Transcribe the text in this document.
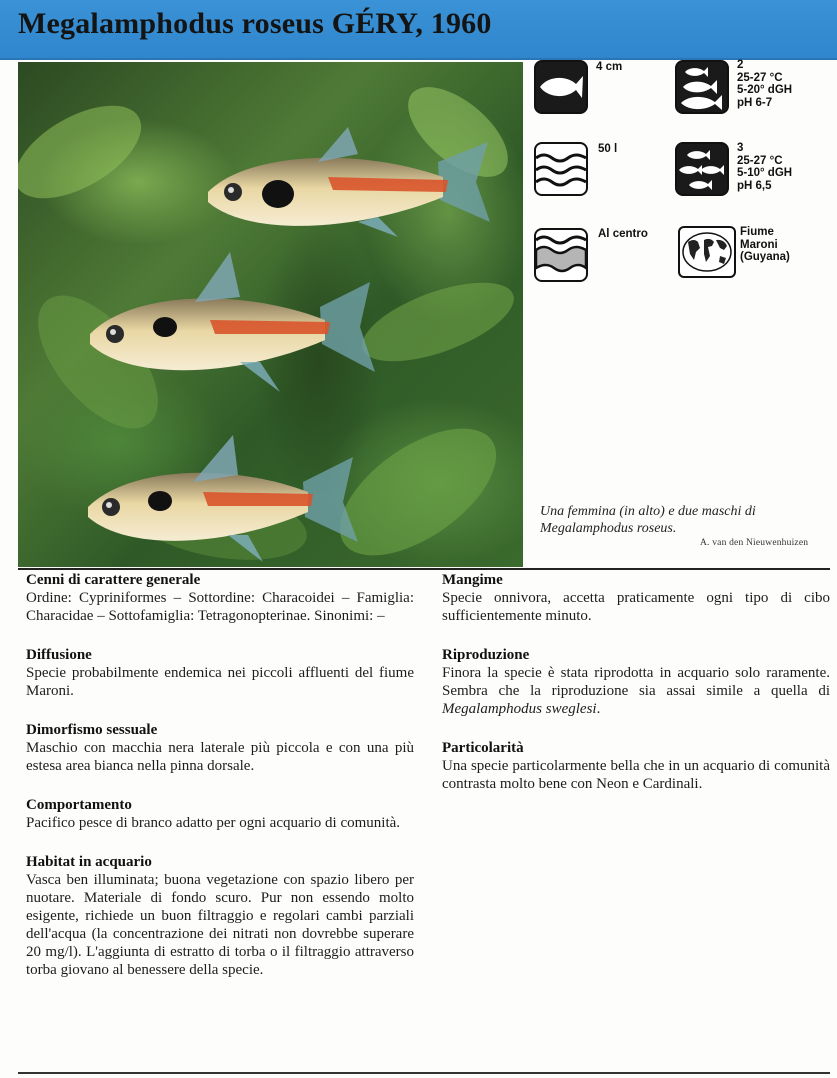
Megalamphodus roseus GÉRY, 1960
4 cm
50 l
Al centro
2
25-27 °C
5-20° dGH
pH 6-7
3
25-27 °C
5-10° dGH
pH 6,5
Fiume
Maroni
(Guyana)
Una femmina (in alto) e due maschi di
Megalamphodus roseus.
A. van den Nieuwenhuizen
Cenni di carattere generale

Ordine: Cypriniformes – Sottordine: Characoidei – Famiglia: Characidae – Sottofamiglia: Tetragonopterinae. Sinonimi: –

Diffusione

Specie probabilmente endemica nei piccoli affluenti del fiume Maroni.

Dimorfismo sessuale

Maschio con macchia nera laterale più piccola e con una più estesa area bianca nella pinna dorsale.

Comportamento

Pacifico pesce di branco adatto per ogni acquario di comunità.

Habitat in acquario

Vasca ben illuminata; buona vegetazione con spazio libero per nuotare. Materiale di fondo scuro. Pur non essendo molto esigente, richiede un buon filtraggio e regolari cambi parziali dell'acqua (la concentrazione dei nitrati non dovrebbe superare 20 mg/l). L'aggiunta di estratto di torba o il filtraggio attraverso torba giovano al benessere della specie.

Mangime

Specie onnivora, accetta praticamente ogni tipo di cibo sufficientemente minuto.

Riproduzione

Finora la specie è stata riprodotta in acquario solo raramente. Sembra che la riproduzione sia assai simile a quella di Megalamphodus sweglesi.

Particolarità

Una specie particolarmente bella che in un acquario di comunità contrasta molto bene con Neon e Cardinali.
